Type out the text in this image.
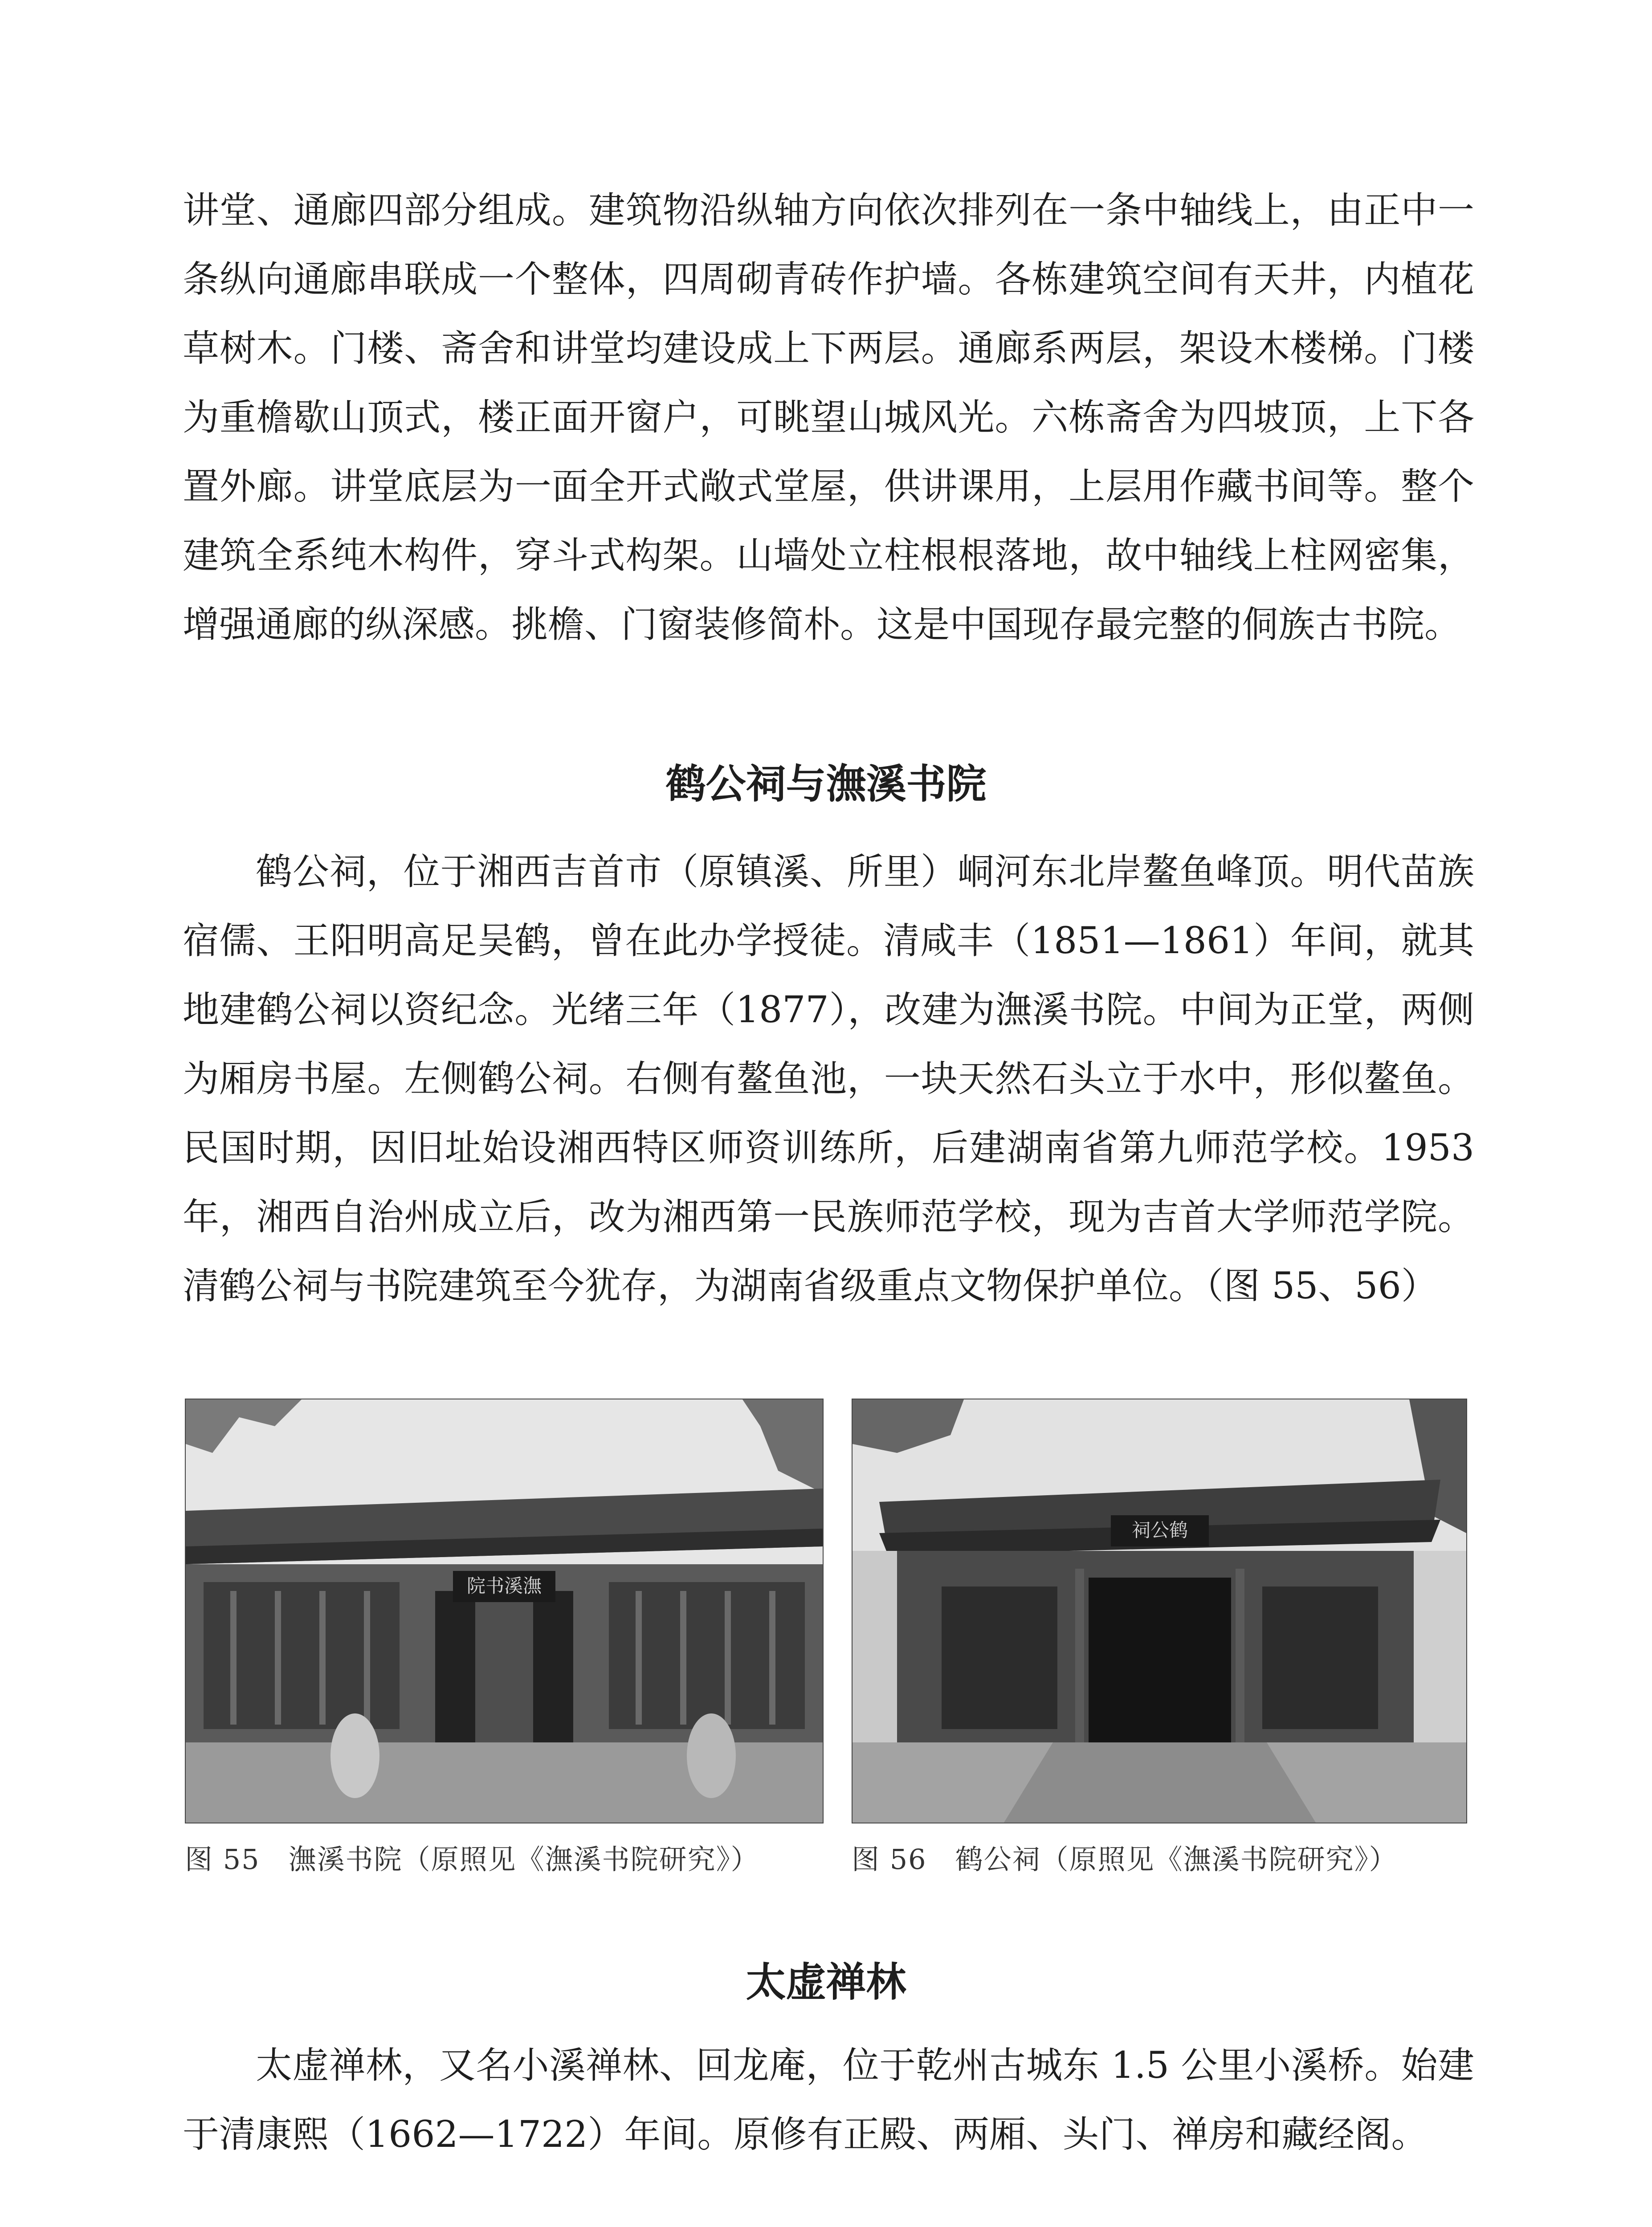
讲堂、通廊四部分组成。建筑物沿纵轴方向依次排列在一条中轴线上，由正中一条纵向通廊串联成一个整体，四周砌青砖作护墙。各栋建筑空间有天井，内植花草树木。门楼、斋舍和讲堂均建设成上下两层。通廊系两层，架设木楼梯。门楼为重檐歇山顶式，楼正面开窗户，可眺望山城风光。六栋斋舍为四坡顶，上下各置外廊。讲堂底层为一面全开式敞式堂屋，供讲课用，上层用作藏书间等。整个建筑全系纯木构件，穿斗式构架。山墙处立柱根根落地，故中轴线上柱网密集，增强通廊的纵深感。挑檐、门窗装修简朴。这是中国现存最完整的侗族古书院。

鹤公祠与潕溪书院

鹤公祠，位于湘西吉首市（原镇溪、所里）峒河东北岸鳌鱼峰顶。明代苗族宿儒、王阳明高足吴鹤，曾在此办学授徒。清咸丰（1851—1861）年间，就其地建鹤公祠以资纪念。光绪三年（1877），改建为潕溪书院。中间为正堂，两侧为厢房书屋。左侧鹤公祠。右侧有鳌鱼池，一块天然石头立于水中，形似鳌鱼。民国时期，因旧址始设湘西特区师资训练所，后建湖南省第九师范学校。1953 年，湘西自治州成立后，改为湘西第一民族师范学校，现为吉首大学师范学院。清鹤公祠与书院建筑至今犹存，为湖南省级重点文物保护单位。（图 55、56）

院书溪潕
图 55　潕溪书院（原照见《潕溪书院研究》）
祠公鹤
图 56　鹤公祠（原照见《潕溪书院研究》）
太虚禅林

太虚禅林，又名小溪禅林、回龙庵，位于乾州古城东 1.5 公里小溪桥。始建于清康熙（1662—1722）年间。原修有正殿、两厢、头门、禅房和藏经阁。
